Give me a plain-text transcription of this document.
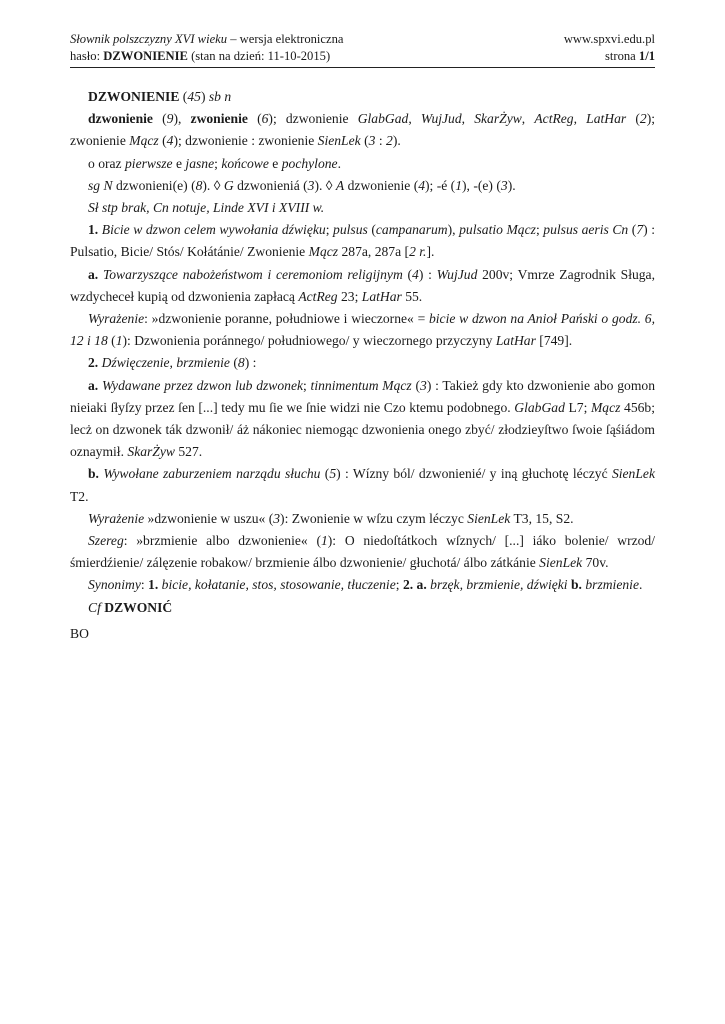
Słownik polszczyzny XVI wieku – wersja elektroniczna	www.spxvi.edu.pl
hasło: DZWONIENIE (stan na dzień: 11-10-2015)	strona 1/1

DZWONIENIE (45) sb n

dzwonienie (9), zwonienie (6); dzwonienie GlabGad, WujJud, SkarŻyw, ActReg, LatHar (2); zwonienie Mącz (4); dzwonienie : zwonienie SienLek (3 : 2).

o oraz pierwsze e jasne; końcowe e pochylone.

sg N dzwonieni(e) (8). ◊ G dzwonieniá (3). ◊ A dzwonienie (4); -é (1), -(e) (3).

Sł stp brak, Cn notuje, Linde XVI i XVIII w.

1. Bicie w dzwon celem wywołania dźwięku; pulsus (campanarum), pulsatio Mącz; pulsus aeris Cn (7) : Pulsatio, Bicie/ Stós/ Kołátánie/ Zwonienie Mącz 287a, 287a [2 r.].

a. Towarzyszące nabożeństwom i ceremoniom religijnym (4) : WujJud 200v; Vmrze Zagrodnik Sługa, wzdycheceł kupią od dzwonienia zapłacą ActReg 23; LatHar 55.

Wyrażenie: »dzwonienie poranne, południowe i wieczorne« = bicie w dzwon na Anioł Pański o godz. 6, 12 i 18 (1): Dzwonienia poránnego/ południowego/ y wieczornego przyczyny LatHar [749].

2. Dźwięczenie, brzmienie (8) :

a. Wydawane przez dzwon lub dzwonek; tinnimentum Mącz (3) : Takież gdy kto dzwonienie abo gomon nieiaki ſłyſzy przez ſen [...] tedy mu ſie we ſnie widzi nie Czo ktemu podobnego. GlabGad L7; Mącz 456b; lecż on dzwonek ták dzwonił/ áż nákoniec niemogąc dzwonienia onego zbyć/ złodzieyſtwo ſwoie ſąśiádom oznaymił. SkarŻyw 527.

b. Wywołane zaburzeniem narządu słuchu (5) : Wízny ból/ dzwonienié/ y iną głuchotę léczyć SienLek T2.

Wyrażenie »dzwonienie w uszu« (3): Zwonienie w wſzu czym léczyc SienLek T3, 15, S2.

Szereg: »brzmienie albo dzwonienie« (1): O niedoſtátkoch wſznych/ [...] iáko bolenie/ wrzod/ śmierdźienie/ zálęzenie robakow/ brzmienie álbo dzwonienie/ głuchotá/ álbo zátkánie SienLek 70v.

Synonimy: 1. bicie, kołatanie, stos, stosowanie, tłuczenie; 2. a. brzęk, brzmienie, dźwięki b. brzmienie.

Cf DZWONIĆ

BO
